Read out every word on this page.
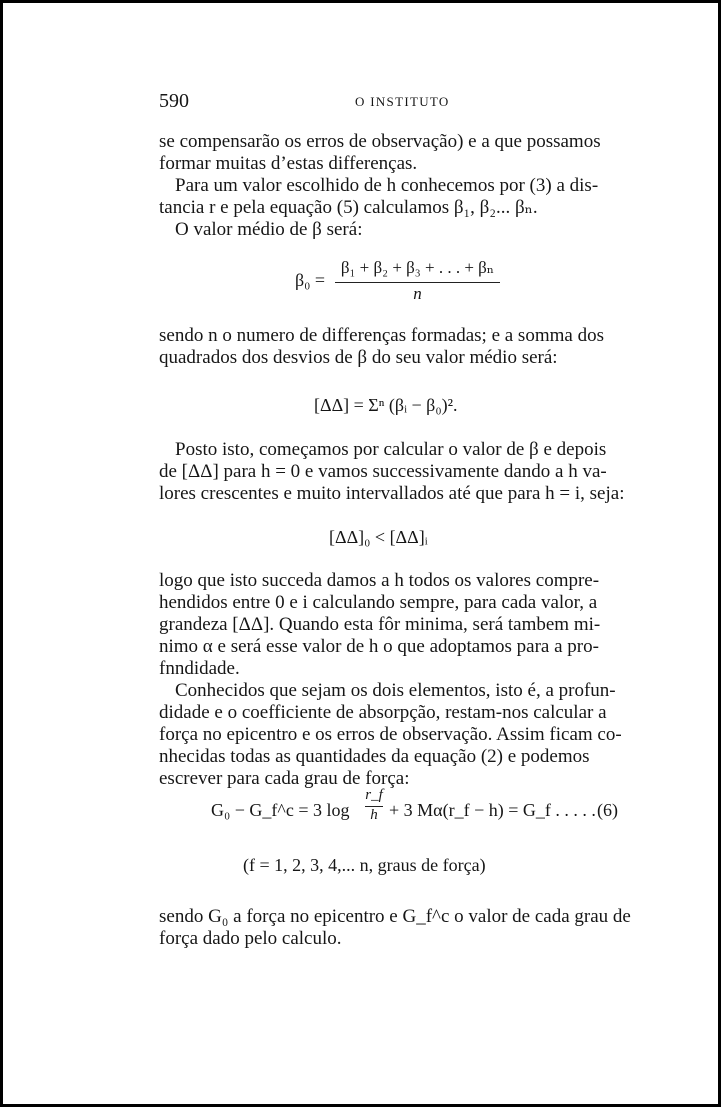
590	O INSTITUTO
se compensarão os erros de observação) e a que possamos
formar muitas d’estas differenças.
Para um valor escolhido de h conhecemos por (3) a dis-
tancia r e pela equação (5) calculamos β₁, β₂... βₙ.
O valor médio de β será:
β₀ =
β₁ + β₂ + β₃ + . . . + βₙ
n
sendo n o numero de differenças formadas; e a somma dos
quadrados dos desvios de β do seu valor médio será:
[ΔΔ] = Σⁿ (βᵢ − β₀)².
Posto isto, começamos por calcular o valor de β e depois
de [ΔΔ] para h = 0 e vamos successivamente dando a h va-
lores crescentes e muito intervallados até que para h = i, seja:
[ΔΔ]₀ < [ΔΔ]ᵢ
logo que isto succeda damos a h todos os valores compre-
hendidos entre 0 e i calculando sempre, para cada valor, a
grandeza [ΔΔ]. Quando esta fôr minima, será tambem mi-
nimo α e será esse valor de h o que adoptamos para a pro-
fnndidade.
Conhecidos que sejam os dois elementos, isto é, a profun-
didade e o coefficiente de absorpção, restam-nos calcular a
força no epicentro e os erros de observação. Assim ficam co-
nhecidas todas as quantidades da equação (2) e podemos
escrever para cada grau de força:
G₀ − G_f^c = 3 log
r_f
h + 3 Mα(r_f − h) = G_f . . . . . (6)
(f = 1, 2, 3, 4,... n, graus de força)
sendo G₀ a força no epicentro e G_f^c o valor de cada grau de
força dado pelo calculo.
